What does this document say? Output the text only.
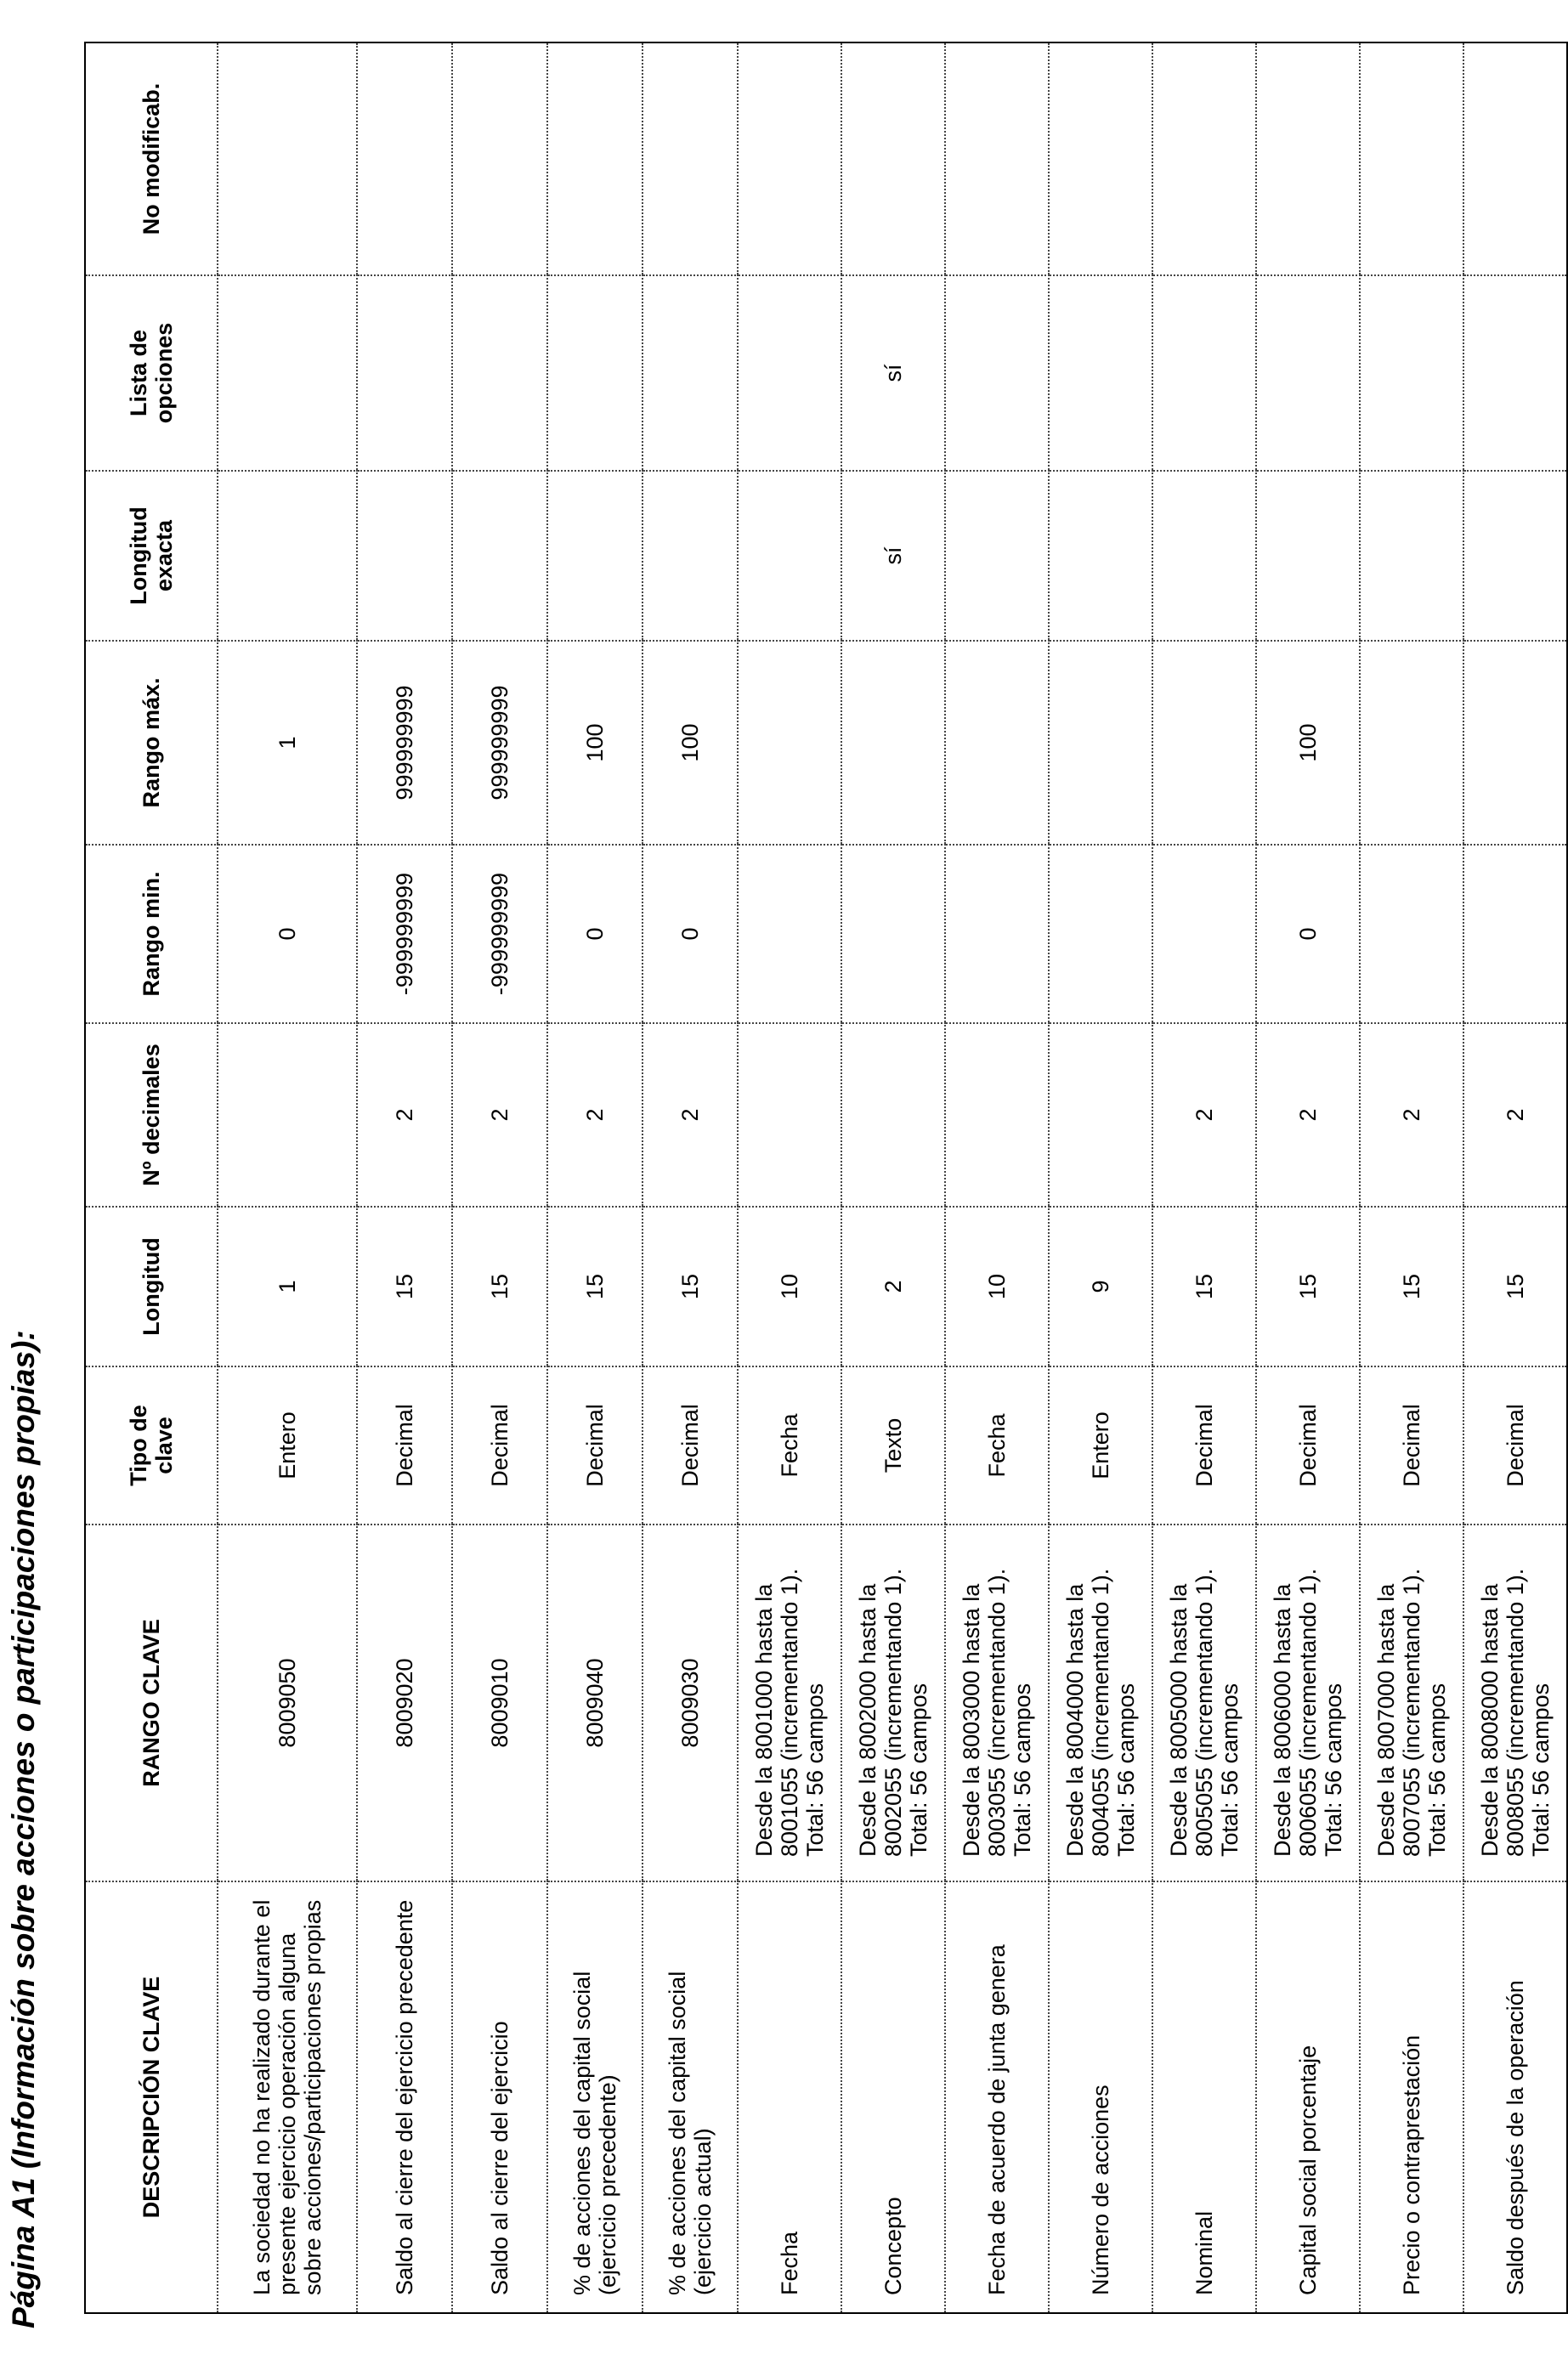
Página A1 (Información sobre acciones o participaciones propias):	DESCRIPCIÓN CLAVE	RANGO CLAVE	Tipo de clave	Longitud	Nº decimales	Rango min.	Rango máx.	Longitud exacta	Lista de opciones	No modificab.
La sociedad no ha realizado durante el presente ejercicio operación alguna sobre acciones/participaciones propias	8009050	Entero	1		0	1			
Saldo al cierre del ejercicio precedente	8009020	Decimal	15	2	-999999999	999999999			
Saldo al cierre del ejercicio	8009010	Decimal	15	2	-999999999	999999999			
% de acciones del capital social (ejercicio precedente)	8009040	Decimal	15	2	0	100			
% de acciones del capital social (ejercicio actual)	8009030	Decimal	15	2	0	100			
Fecha	Desde la 8001000 hasta la 8001055 (incrementando 1). Total: 56 campos	Fecha	10						
Concepto	Desde la 8002000 hasta la 8002055 (incrementando 1). Total: 56 campos	Texto	2				sí	sí	
Fecha de acuerdo de junta genera	Desde la 8003000 hasta la 8003055 (incrementando 1). Total: 56 campos	Fecha	10						
Número de acciones	Desde la 8004000 hasta la 8004055 (incrementando 1). Total: 56 campos	Entero	9						
Nominal	Desde la 8005000 hasta la 8005055 (incrementando 1). Total: 56 campos	Decimal	15	2					
Capital social porcentaje	Desde la 8006000 hasta la 8006055 (incrementando 1). Total: 56 campos	Decimal	15	2	0	100			
Precio o contraprestación	Desde la 8007000 hasta la 8007055 (incrementando 1). Total: 56 campos	Decimal	15	2					
Saldo después de la operación	Desde la 8008000 hasta la 8008055 (incrementando 1). Total: 56 campos	Decimal	15	2					
